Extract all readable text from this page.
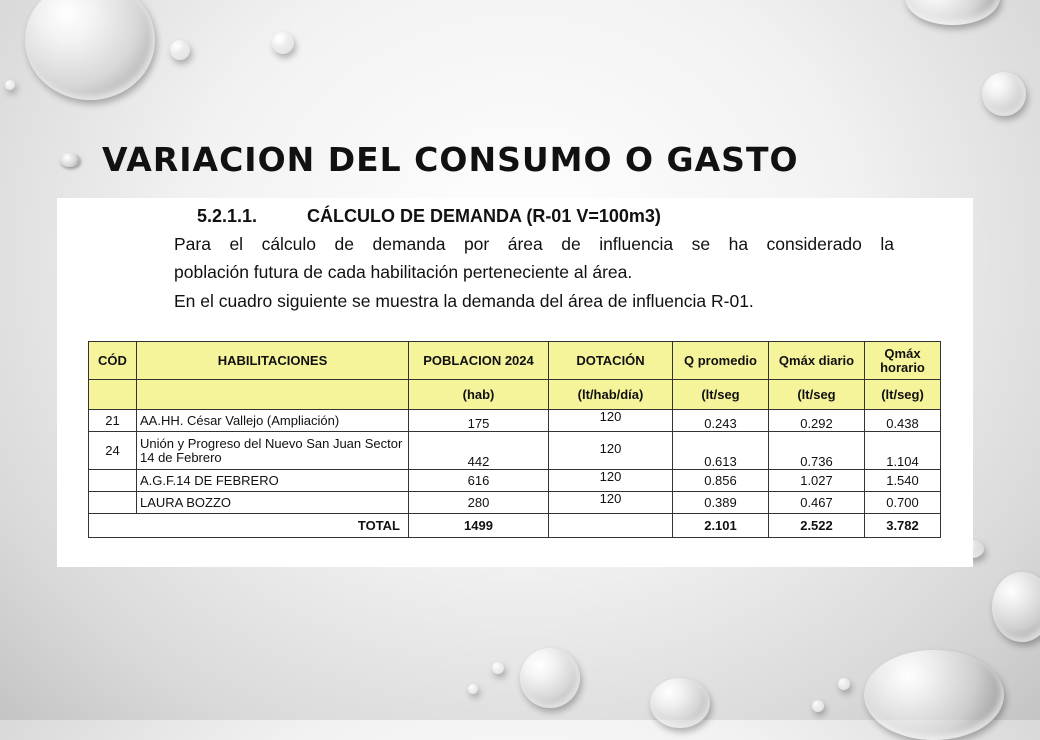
VARIACION DEL CONSUMO O GASTO
5.2.1.1.	CÁLCULO DE DEMANDA (R-01 V=100m3)
Para el cálculo de demanda por área de influencia se ha considerado la
población futura de cada habilitación perteneciente al área.
En el cuadro siguiente se muestra la demanda del área de influencia R-01.
CÓD	HABILITACIONES	POBLACION 2024	DOTACIÓN	Q promedio	Qmáx diario	Qmáx horario
		(hab)	(lt/hab/día)	(lt/seg	(lt/seg	(lt/seg)
21	AA.HH. César Vallejo (Ampliación)	175	120	0.243	0.292	0.438
24	Unión y Progreso del Nuevo San Juan Sector 14 de Febrero	442	120	0.613	0.736	1.104
	A.G.F.14 DE FEBRERO	616	120	0.856	1.027	1.540
	LAURA BOZZO	280	120	0.389	0.467	0.700
TOTAL		1499		2.101	2.522	3.782
